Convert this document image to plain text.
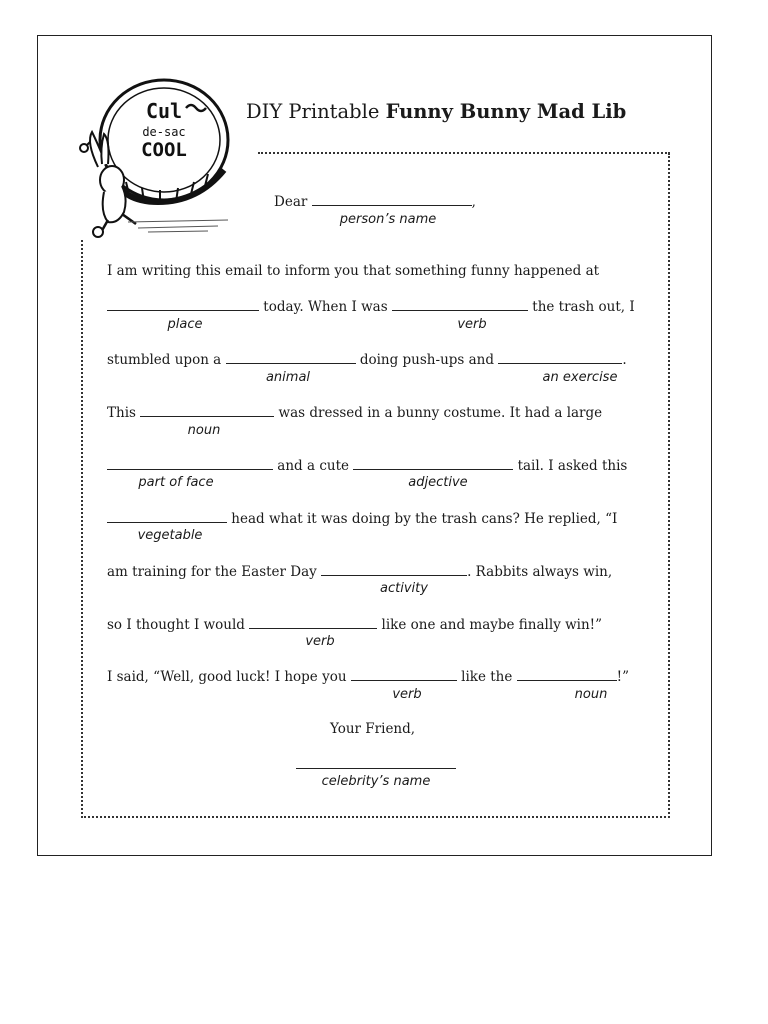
Cul
de-sac
COOL
DIY Printable Funny Bunny Mad Lib
Dear	,
person’s name
I am writing this email to inform you that something funny happened at
today. When I was	the trash out, I
place	verb
stumbled upon a	doing push-ups and	.
animal	an exercise
This	was dressed in a bunny costume. It had a large
noun
and a cute	tail. I asked this
part of face	adjective
head what it was doing by the trash cans? He replied, “I
vegetable
am training for the Easter Day	. Rabbits always win,
activity
so I thought I would	like one and maybe finally win!”
verb
I said, “Well, good luck! I hope you	like the	!”
verb	noun
Your Friend,
celebrity’s name
